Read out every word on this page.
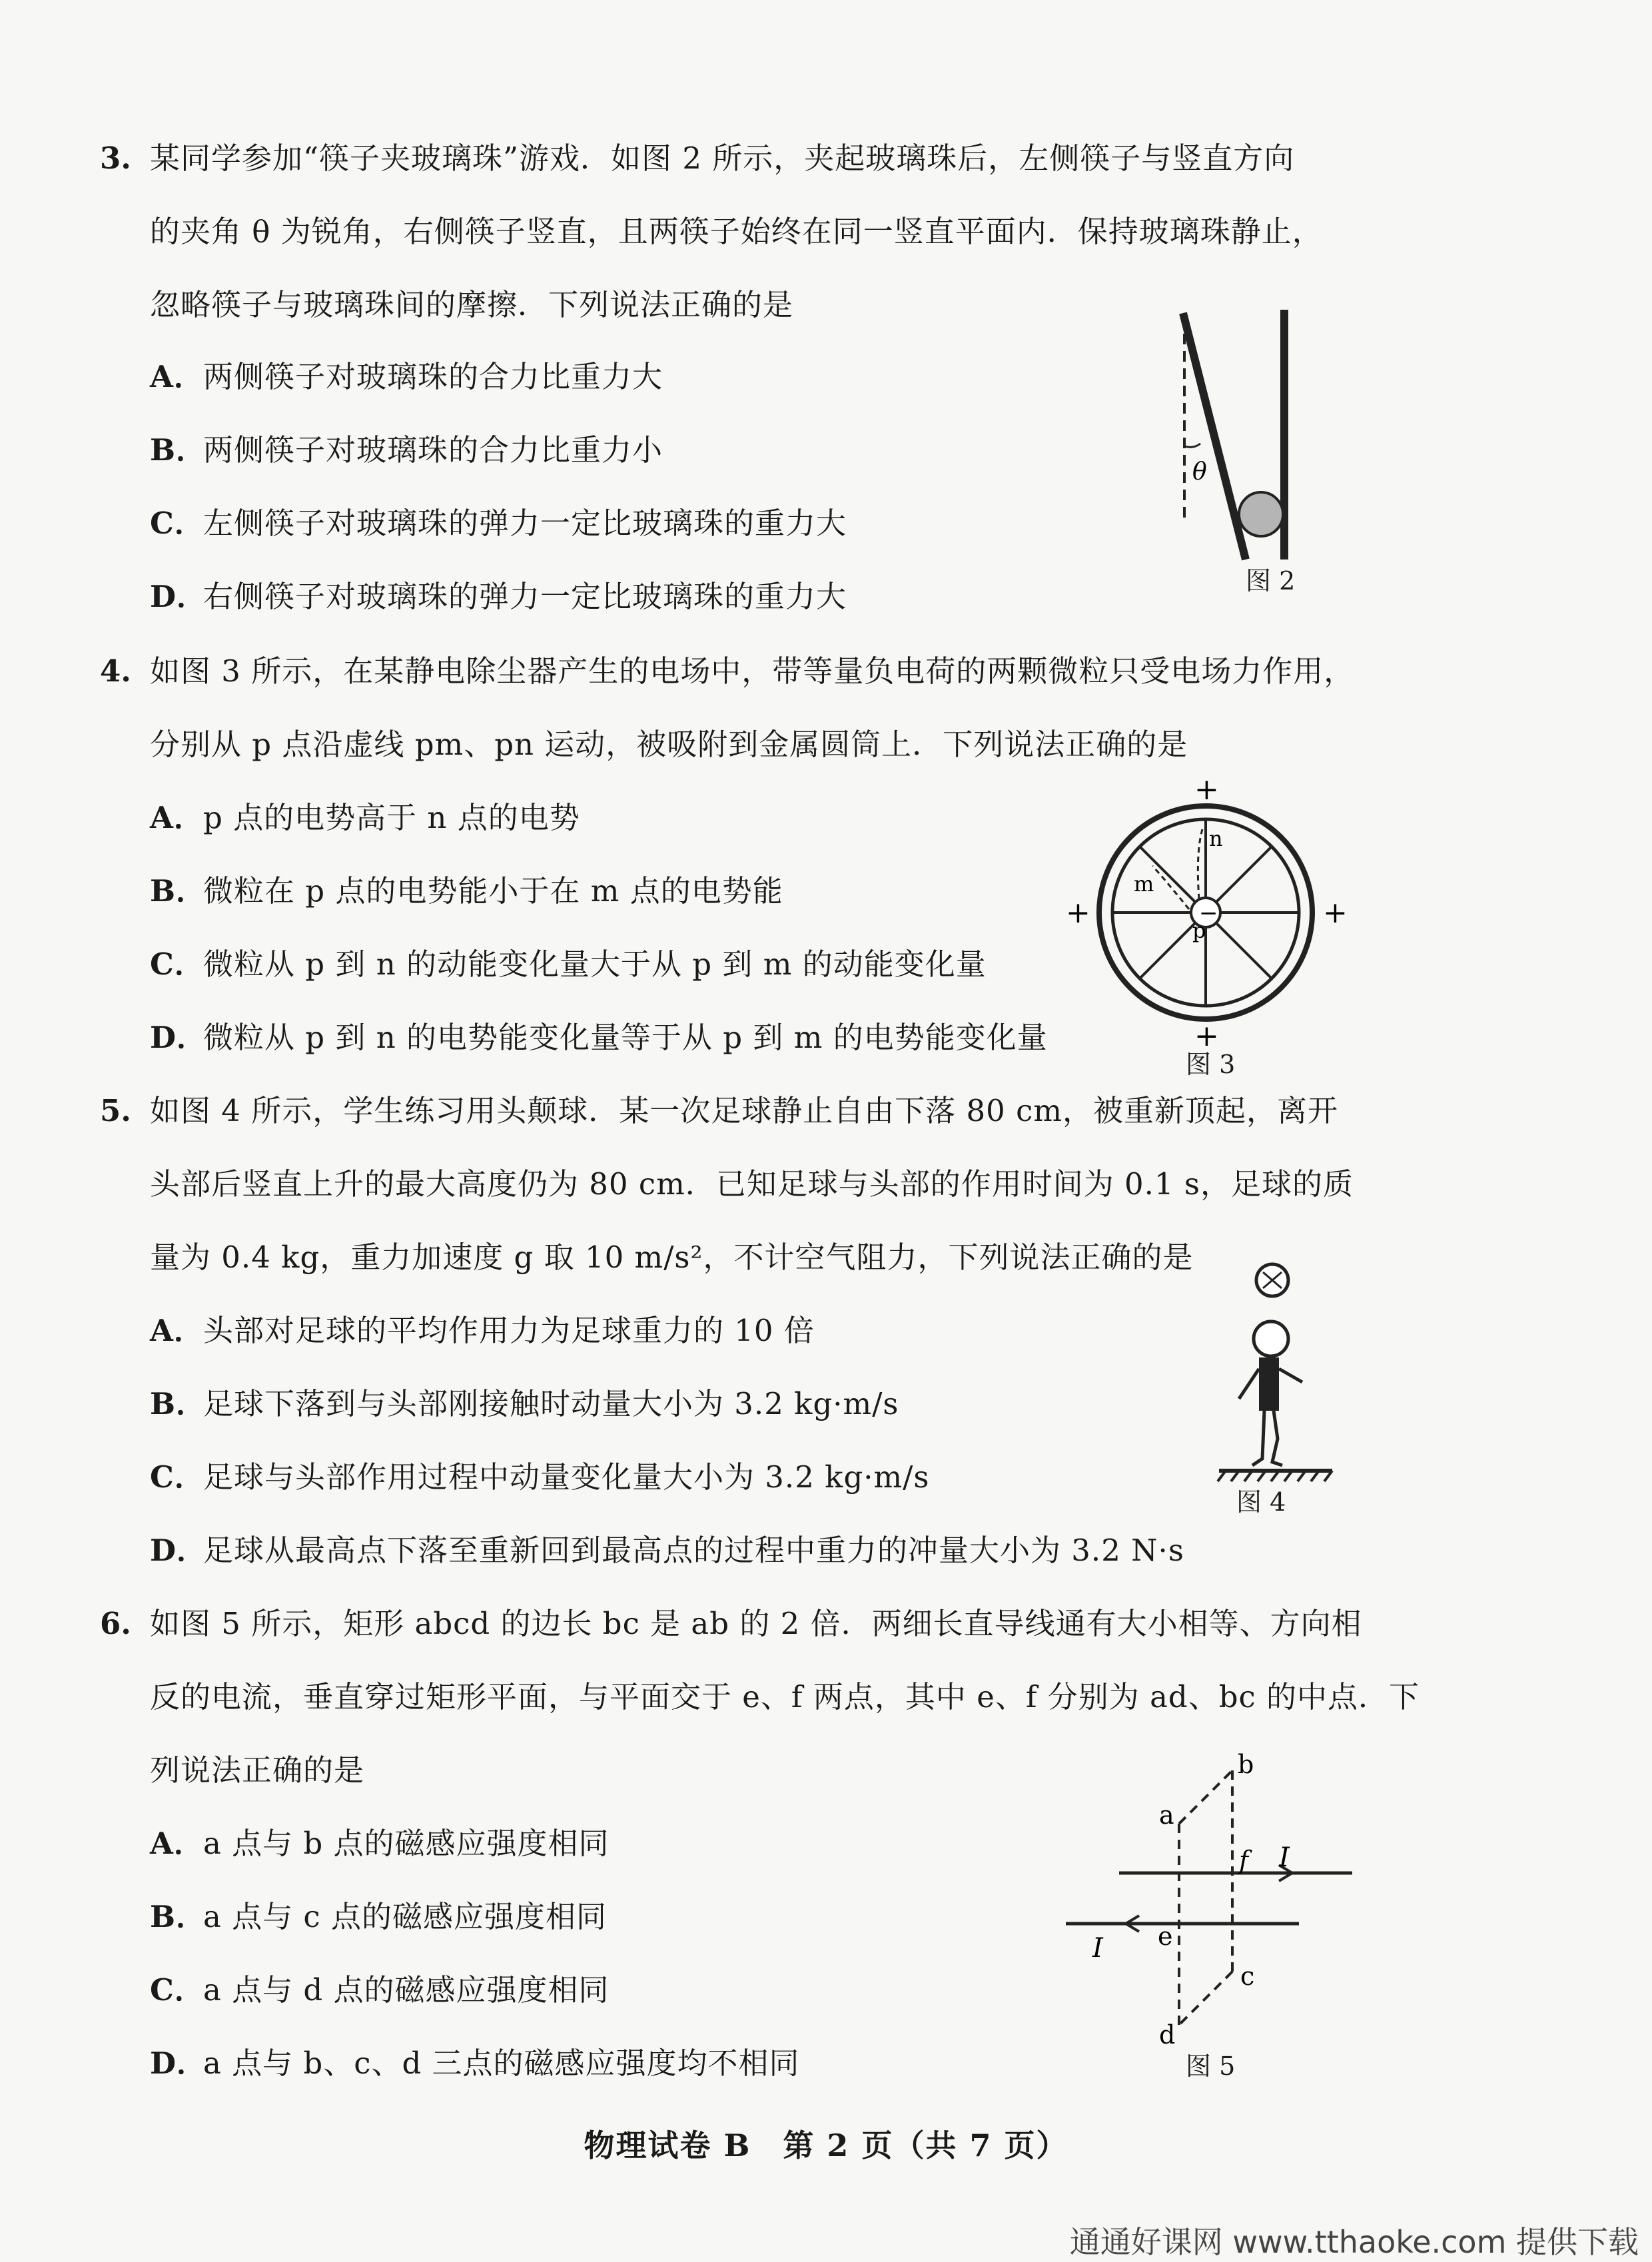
3. 某同学参加“筷子夹玻璃珠”游戏．如图 2 所示，夹起玻璃珠后，左侧筷子与竖直方向
的夹角 θ 为锐角，右侧筷子竖直，且两筷子始终在同一竖直平面内．保持玻璃珠静止，
忽略筷子与玻璃珠间的摩擦．下列说法正确的是
A．两侧筷子对玻璃珠的合力比重力大
B．两侧筷子对玻璃珠的合力比重力小
C．左侧筷子对玻璃珠的弹力一定比玻璃珠的重力大
D．右侧筷子对玻璃珠的弹力一定比玻璃珠的重力大
θ
图 2
4. 如图 3 所示，在某静电除尘器产生的电场中，带等量负电荷的两颗微粒只受电场力作用，
分别从 p 点沿虚线 pm、pn 运动，被吸附到金属圆筒上．下列说法正确的是
A．p 点的电势高于 n 点的电势
B．微粒在 p 点的电势能小于在 m 点的电势能
C．微粒从 p 到 n 的动能变化量大于从 p 到 m 的动能变化量
D．微粒从 p 到 n 的电势能变化量等于从 p 到 m 的电势能变化量
−
p
m
n
+
+	+
+
图 3
5. 如图 4 所示，学生练习用头颠球．某一次足球静止自由下落 80 cm，被重新顶起，离开
头部后竖直上升的最大高度仍为 80 cm．已知足球与头部的作用时间为 0.1 s，足球的质
量为 0.4 kg，重力加速度 g 取 10 m/s²，不计空气阻力，下列说法正确的是
A．头部对足球的平均作用力为足球重力的 10 倍
B．足球下落到与头部刚接触时动量大小为 3.2 kg·m/s
C．足球与头部作用过程中动量变化量大小为 3.2 kg·m/s
D．足球从最高点下落至重新回到最高点的过程中重力的冲量大小为 3.2 N·s
图 4
6. 如图 5 所示，矩形 abcd 的边长 bc 是 ab 的 2 倍．两细长直导线通有大小相等、方向相
反的电流，垂直穿过矩形平面，与平面交于 e、f 两点，其中 e、f 分别为 ad、bc 的中点．下
列说法正确的是
A．a 点与 b 点的磁感应强度相同
B．a 点与 c 点的磁感应强度相同
C．a 点与 d 点的磁感应强度相同
D．a 点与 b、c、d 三点的磁感应强度均不相同
a
b
c
d
e
f I
I
图 5
物理试卷 B　第 2 页（共 7 页）
通通好课网 www.tthaoke.com 提供下载
